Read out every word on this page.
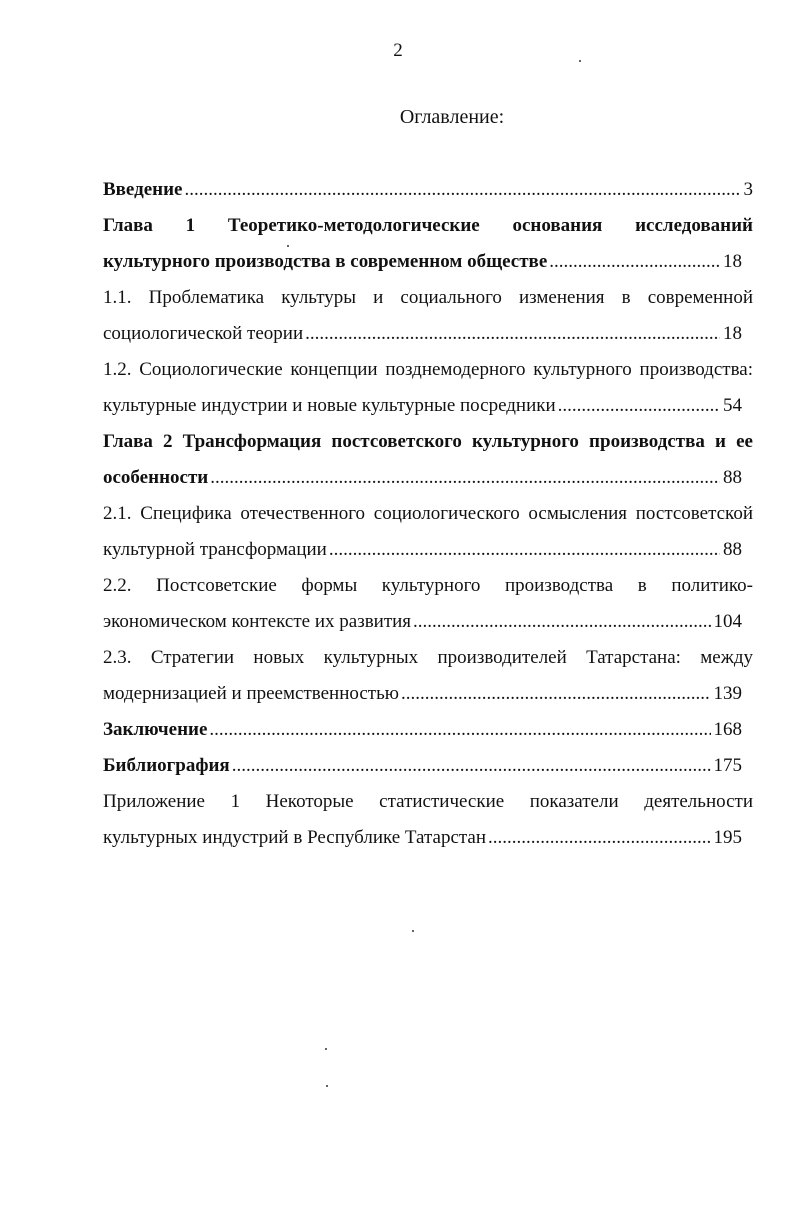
2
Оглавление:
Введение .....	3
Глава 1 Теоретико-методологические основания исследований
культурного производства в современном обществе .....	18
1.1. Проблематика культуры и социального изменения в современной
социологической теории .....	18
1.2. Социологические концепции позднемодерного культурного производства:
культурные индустрии и новые культурные посредники .....	54
Глава 2 Трансформация постсоветского культурного производства и ее
особенности .....	88
2.1. Специфика отечественного социологического осмысления постсоветской
культурной трансформации .....	88
2.2. Постсоветские формы культурного производства в политико-
экономическом контексте их развития .....	104
2.3. Стратегии новых культурных производителей Татарстана: между
модернизацией и преемственностью .....	139
Заключение .....	168
Библиография .....	175
Приложение 1 Некоторые статистические показатели деятельности
культурных индустрий в Республике Татарстан .....	195
